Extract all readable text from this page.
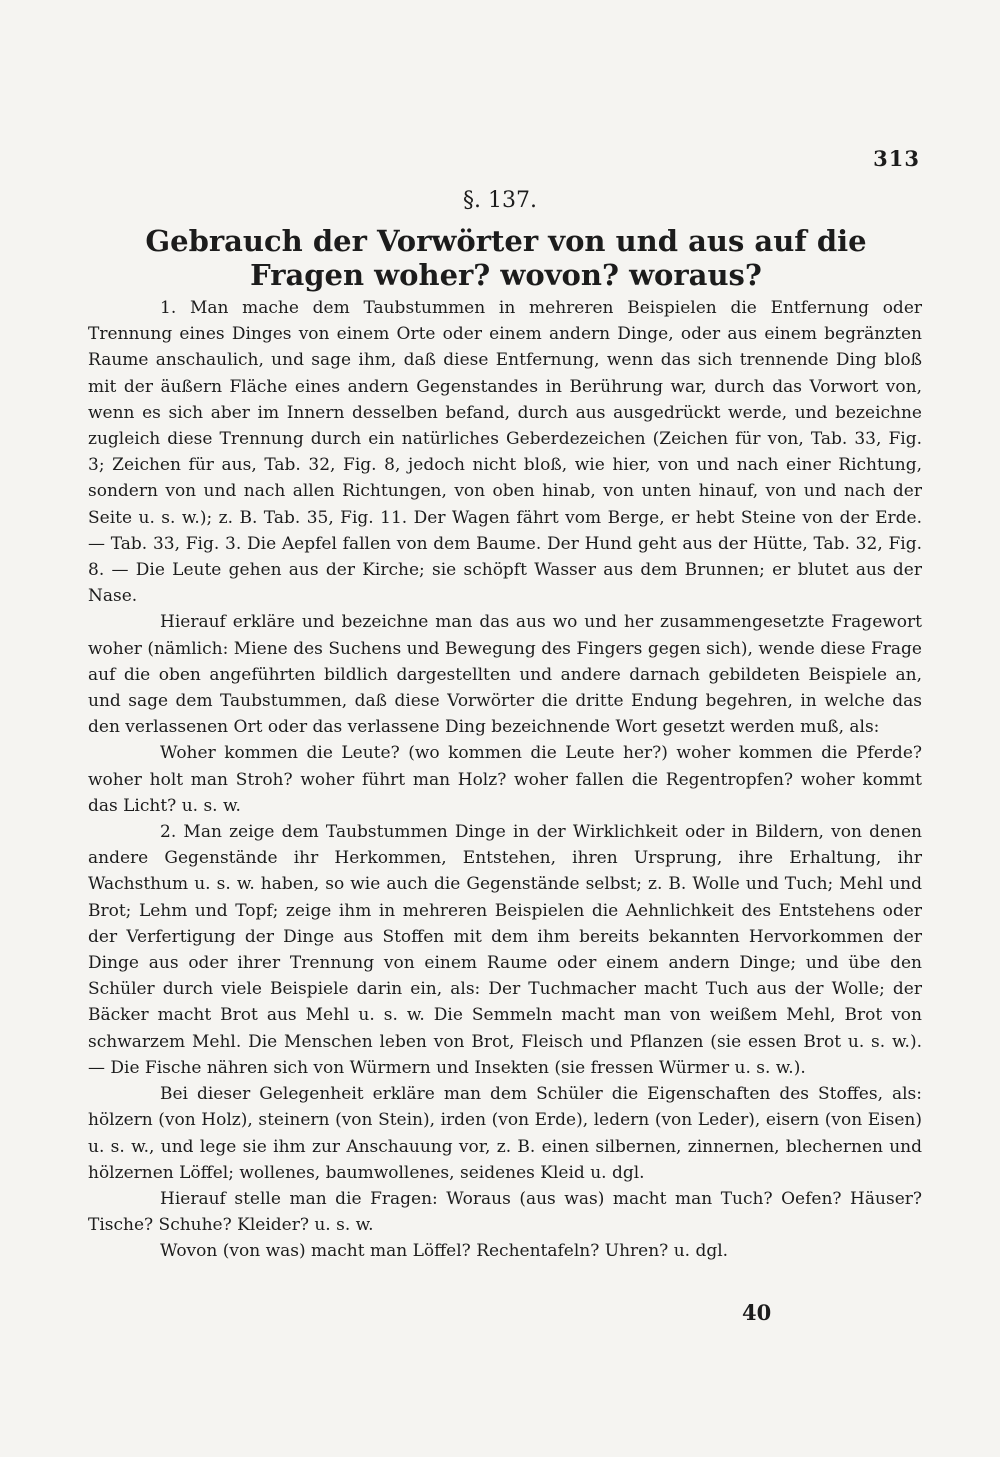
313
§. 137.
Gebrauch der Vorwörter von und aus auf die Fragen woher? wovon? woraus?

1. Man mache dem Taubstummen in mehreren Beispielen die Entfernung oder Trennung eines Dinges von einem Orte oder einem andern Dinge, oder aus einem begränzten Raume anschaulich, und sage ihm, daß diese Entfernung, wenn das sich trennende Ding bloß mit der äußern Fläche eines andern Gegenstandes in Berührung war, durch das Vorwort von, wenn es sich aber im Innern desselben befand, durch aus ausgedrückt werde, und bezeichne zugleich diese Trennung durch ein natürliches Geberdezeichen (Zeichen für von, Tab. 33, Fig. 3; Zeichen für aus, Tab. 32, Fig. 8, jedoch nicht bloß, wie hier, von und nach einer Richtung, sondern von und nach allen Richtungen, von oben hinab, von unten hinauf, von und nach der Seite u. s. w.); z. B. Tab. 35, Fig. 11. Der Wagen fährt vom Berge, er hebt Steine von der Erde. — Tab. 33, Fig. 3. Die Aepfel fallen von dem Baume. Der Hund geht aus der Hütte, Tab. 32, Fig. 8. — Die Leute gehen aus der Kirche; sie schöpft Wasser aus dem Brunnen; er blutet aus der Nase.

Hierauf erkläre und bezeichne man das aus wo und her zusammengesetzte Fragewort woher (nämlich: Miene des Suchens und Bewegung des Fingers gegen sich), wende diese Frage auf die oben angeführten bildlich dargestellten und andere darnach gebildeten Beispiele an, und sage dem Taubstummen, daß diese Vorwörter die dritte Endung begehren, in welche das den verlassenen Ort oder das verlassene Ding bezeichnende Wort gesetzt werden muß, als:

Woher kommen die Leute? (wo kommen die Leute her?) woher kommen die Pferde? woher holt man Stroh? woher führt man Holz? woher fallen die Regentropfen? woher kommt das Licht? u. s. w.

2. Man zeige dem Taubstummen Dinge in der Wirklichkeit oder in Bildern, von denen andere Gegenstände ihr Herkommen, Entstehen, ihren Ursprung, ihre Erhaltung, ihr Wachsthum u. s. w. haben, so wie auch die Gegenstände selbst; z. B. Wolle und Tuch; Mehl und Brot; Lehm und Topf; zeige ihm in mehreren Beispielen die Aehnlichkeit des Entstehens oder der Verfertigung der Dinge aus Stoffen mit dem ihm bereits bekannten Hervorkommen der Dinge aus oder ihrer Trennung von einem Raume oder einem andern Dinge; und übe den Schüler durch viele Beispiele darin ein, als: Der Tuchmacher macht Tuch aus der Wolle; der Bäcker macht Brot aus Mehl u. s. w. Die Semmeln macht man von weißem Mehl, Brot von schwarzem Mehl. Die Menschen leben von Brot, Fleisch und Pflanzen (sie essen Brot u. s. w.). — Die Fische nähren sich von Würmern und Insekten (sie fressen Würmer u. s. w.).

Bei dieser Gelegenheit erkläre man dem Schüler die Eigenschaften des Stoffes, als: hölzern (von Holz), steinern (von Stein), irden (von Erde), ledern (von Leder), eisern (von Eisen) u. s. w., und lege sie ihm zur Anschauung vor, z. B. einen silbernen, zinnernen, blechernen und hölzernen Löffel; wollenes, baumwollenes, seidenes Kleid u. dgl.

Hierauf stelle man die Fragen: Woraus (aus was) macht man Tuch? Oefen? Häuser? Tische? Schuhe? Kleider? u. s. w.

Wovon (von was) macht man Löffel? Rechentafeln? Uhren? u. dgl.

40
